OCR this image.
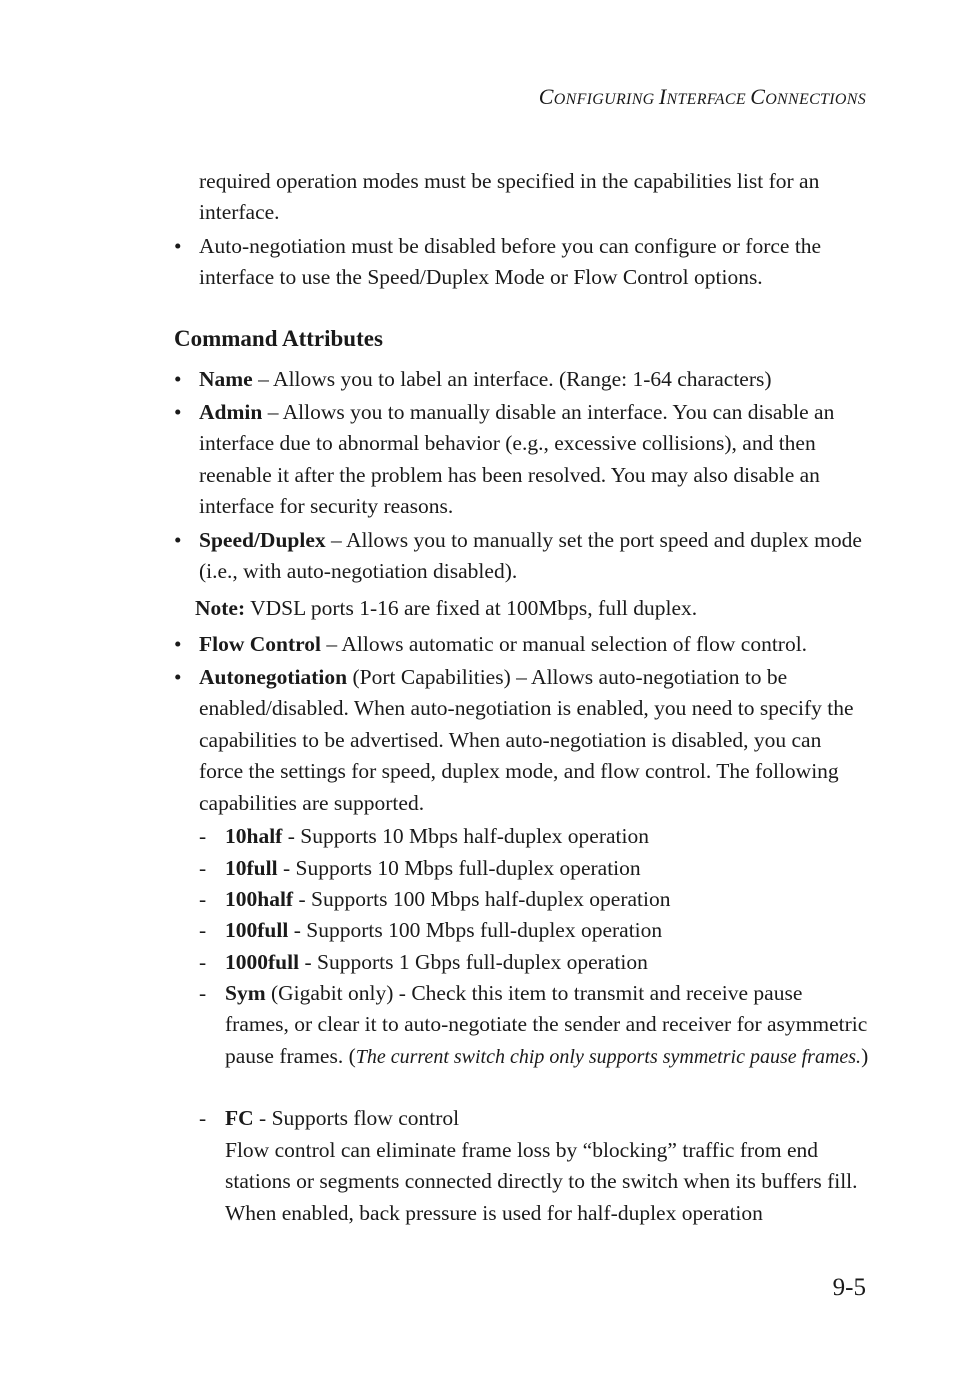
CONFIGURING INTERFACE CONNECTIONS
required operation modes must be specified in the capabilities list for an interface.
• Auto-negotiation must be disabled before you can configure or force the interface to use the Speed/Duplex Mode or Flow Control options.
Command Attributes
• Name – Allows you to label an interface. (Range: 1-64 characters)
• Admin – Allows you to manually disable an interface. You can disable an interface due to abnormal behavior (e.g., excessive collisions), and then reenable it after the problem has been resolved. You may also disable an interface for security reasons.
• Speed/Duplex – Allows you to manually set the port speed and duplex mode (i.e., with auto-negotiation disabled).
Note: VDSL ports 1-16 are fixed at 100Mbps, full duplex.
• Flow Control – Allows automatic or manual selection of flow control.
• Autonegotiation (Port Capabilities) – Allows auto-negotiation to be enabled/disabled. When auto-negotiation is enabled, you need to specify the capabilities to be advertised. When auto-negotiation is disabled, you can force the settings for speed, duplex mode, and flow control. The following capabilities are supported.
- 10half - Supports 10 Mbps half-duplex operation
- 10full - Supports 10 Mbps full-duplex operation
- 100half - Supports 100 Mbps half-duplex operation
- 100full - Supports 100 Mbps full-duplex operation
- 1000full - Supports 1 Gbps full-duplex operation
- Sym (Gigabit only) - Check this item to transmit and receive pause frames, or clear it to auto-negotiate the sender and receiver for asymmetric pause frames. (The current switch chip only supports symmetric pause frames.)
- FC - Supports flow control
Flow control can eliminate frame loss by “blocking” traffic from end stations or segments connected directly to the switch when its buffers fill. When enabled, back pressure is used for half-duplex operation
9-5
